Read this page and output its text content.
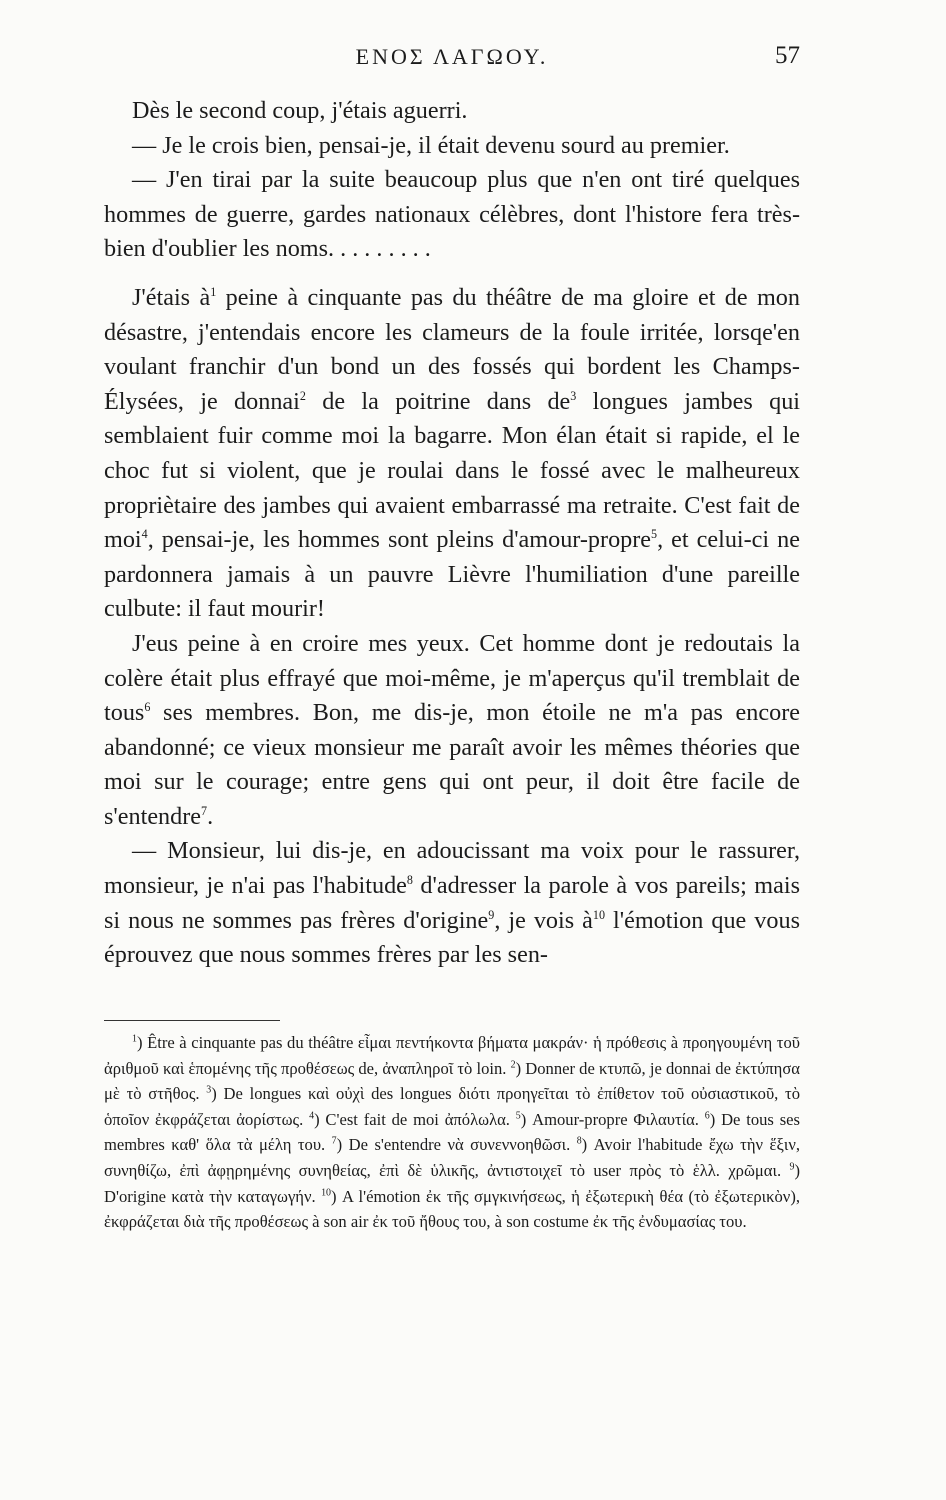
ΕΝΟΣ ΛΑΓΩΟΥ.	57

Dès le second coup, j'étais aguerri.

— Je le crois bien, pensai-je, il était devenu sourd au premier.

— J'en tirai par la suite beaucoup plus que n'en ont tiré quelques hommes de guerre, gardes nationaux célèbres, dont l'histore fera très-bien d'oublier les noms. . . . . . . . .

J'étais $à^1$ peine à cinquante pas du théâtre de ma gloire et de mon désastre, j'entendais encore les clameurs de la foule irritée, lorsqe'en voulant franchir d'un bond un des fossés qui bordent les Champs-Élysées, je donnai$^2$ de la poitrine dans $de^3$ longues jambes qui semblaient fuir comme moi la bagarre. Mon élan était si rapide, el le choc fut si violent, que je roulai dans le fossé avec le malheureux propriètaire des jambes qui avaient embarrassé ma retraite. C'est fait de moi$^4$, pensai-je, les hommes sont pleins d'amour-propre$^5$, et celui-ci ne pardonnera jamais à un pauvre Lièvre l'humiliation d'une pareille culbute: il faut mourir!

J'eus peine à en croire mes yeux. Cet homme dont je redoutais la colère était plus effrayé que moi-même, je m'aperçus qu'il tremblait de tous$^6$ ses membres. Bon, me dis-je, mon étoile ne m'a pas encore abandonné; ce vieux monsieur me paraît avoir les mêmes théories que moi sur le courage; entre gens qui ont peur, il doit être facile de s'entendre$^7$.

— Monsieur, lui dis-je, en adoucissant ma voix pour le rassurer, monsieur, je n'ai pas l'habitude$^8$ d'adresser la parole à vos pareils; mais si nous ne sommes pas frères d'origine$^9$, je vois $à^{10}$ l'émotion que vous éprouvez que nous sommes frères par les sen-

$^1$) Être à cinquante pas du théâtre εἶμαι πεντήκοντα βήματα μακράν· ἡ πρόθεσις à προηγουμένη τοῦ ἀριθμοῦ καὶ ἑπομένης τῆς προθέσεως de, ἀναπληροῖ τὸ loin. $^2$) Donner de κτυπῶ, je donnai de ἐκτύπησα μὲ τὸ στῆθος. $^3$) De longues καὶ οὐχὶ des longues διότι προηγεῖται τὸ ἐπίθετον τοῦ οὐσιαστικοῦ, τὸ ὁποῖον ἐκφράζεται ἀορίστως. $^4$) C'est fait de moi ἀπόλωλα. $^5$) Amour-propre Φιλαυτία. $^6$) De tous ses membres καθ' ὅλα τὰ μέλη του. $^7$) De s'entendre νὰ συνεννοηθῶσι. $^8$) Avoir l'habitude ἔχω τὴν ἕξιν, συνηθίζω, ἐπὶ ἀφῃρημένης συνηθείας, ἐπὶ δὲ ὑλικῆς, ἀντιστοιχεῖ τὸ user πρὸς τὸ ἑλλ. χρῶμαι. $^9$) D'origine κατὰ τὴν καταγωγήν. $^{10}$) A l'émotion ἐκ τῆς σμγκινήσεως, ἡ ἐξωτερικὴ θέα (τὸ ἐξωτερικὸν), ἐκφράζεται διὰ τῆς προθέσεως à son air ἐκ τοῦ ἤθους του, à son costume ἐκ τῆς ἐνδυμασίας του.
